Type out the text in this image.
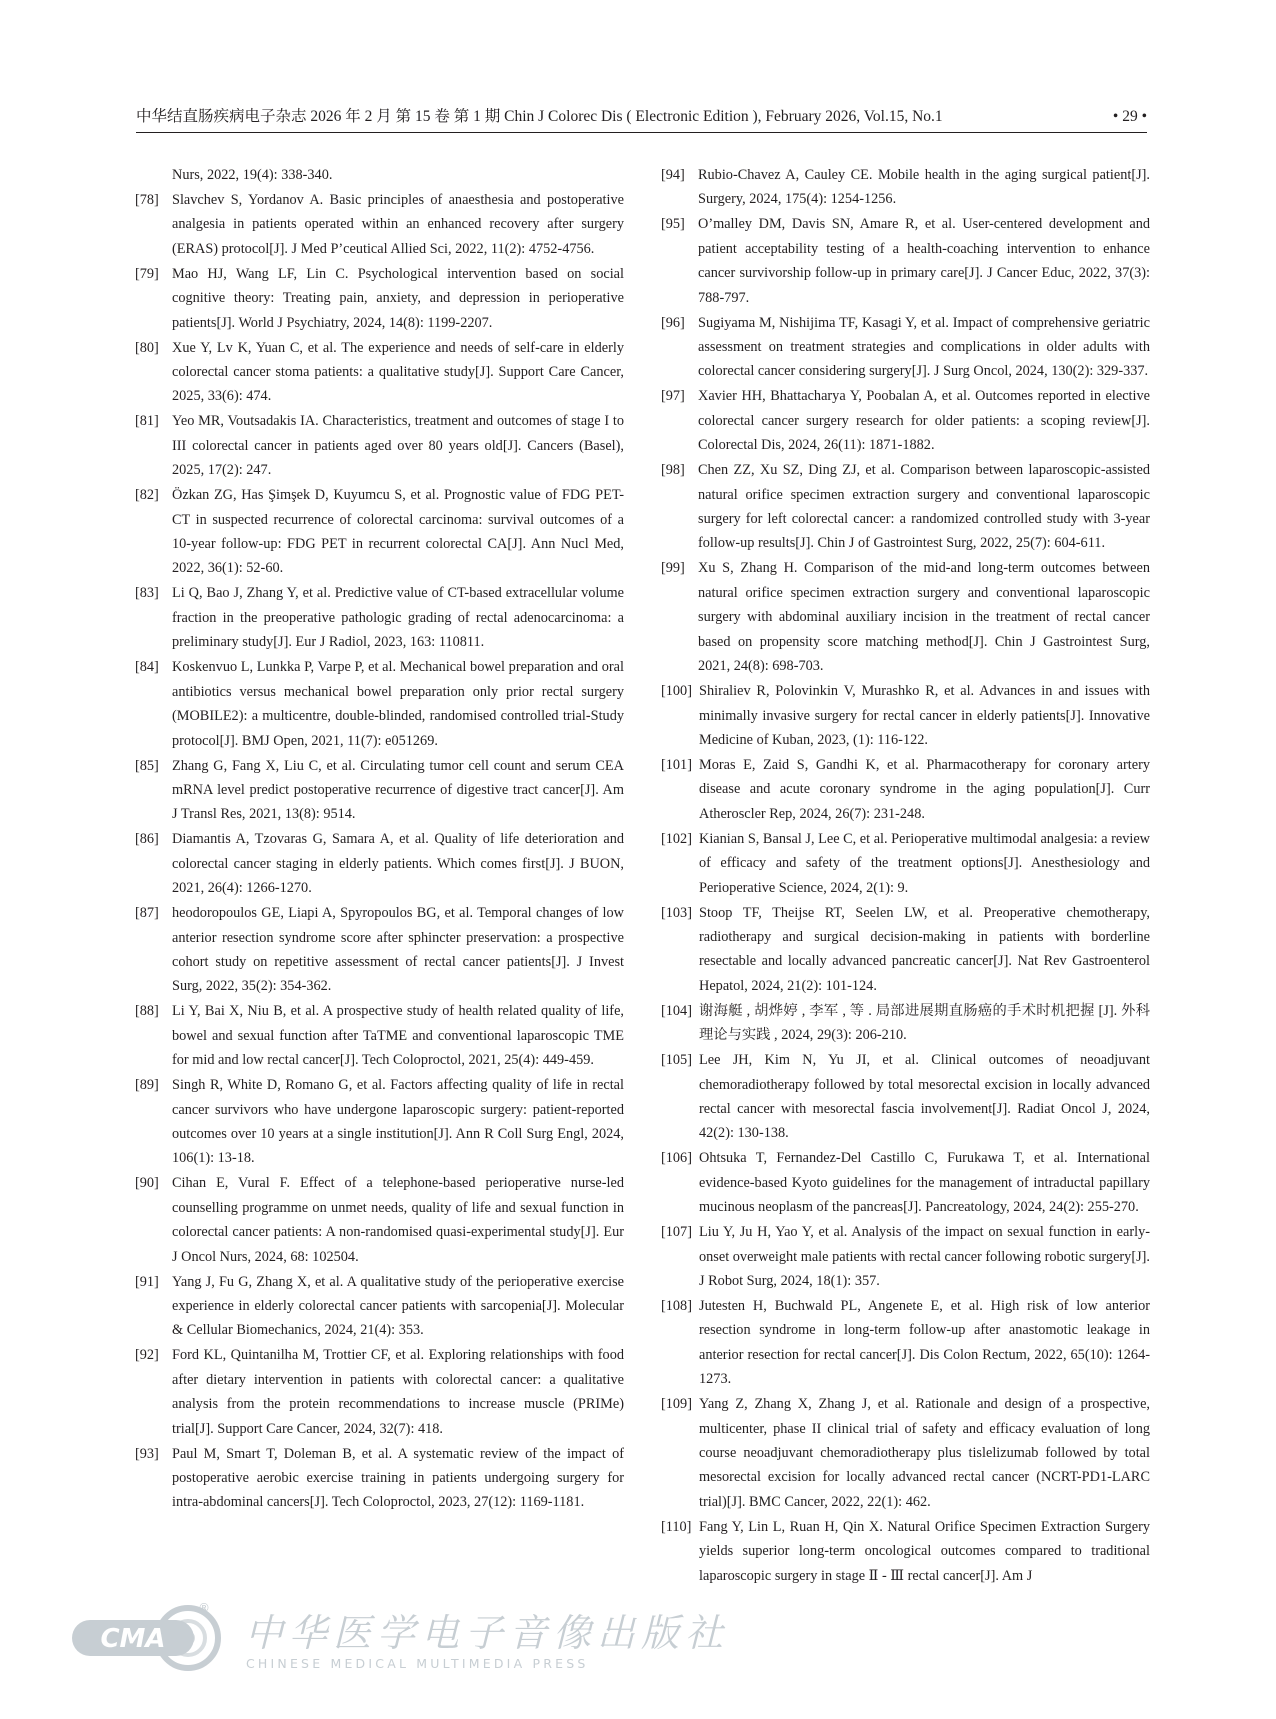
中华结直肠疾病电子杂志 2026 年 2 月 第 15 卷 第 1 期 Chin J Colorec Dis ( Electronic Edition ), February 2026, Vol.15, No.1	• 29 •
Nurs, 2022, 19(4): 338-340.
[78] Slavchev S, Yordanov A. Basic principles of anaesthesia and postoperative analgesia in patients operated within an enhanced recovery after surgery (ERAS) protocol[J]. J Med P’ceutical Allied Sci, 2022, 11(2): 4752-4756.
[79] Mao HJ, Wang LF, Lin C. Psychological intervention based on social cognitive theory: Treating pain, anxiety, and depression in perioperative patients[J]. World J Psychiatry, 2024, 14(8): 1199-2207.
[80] Xue Y, Lv K, Yuan C, et al. The experience and needs of self-care in elderly colorectal cancer stoma patients: a qualitative study[J]. Support Care Cancer, 2025, 33(6): 474.
[81] Yeo MR, Voutsadakis IA. Characteristics, treatment and outcomes of stage I to III colorectal cancer in patients aged over 80 years old[J]. Cancers (Basel), 2025, 17(2): 247.
[82] Özkan ZG, Has Şimşek D, Kuyumcu S, et al. Prognostic value of FDG PET-CT in suspected recurrence of colorectal carcinoma: survival outcomes of a 10-year follow-up: FDG PET in recurrent colorectal CA[J]. Ann Nucl Med, 2022, 36(1): 52-60.
[83] Li Q, Bao J, Zhang Y, et al. Predictive value of CT-based extracellular volume fraction in the preoperative pathologic grading of rectal adenocarcinoma: a preliminary study[J]. Eur J Radiol, 2023, 163: 110811.
[84] Koskenvuo L, Lunkka P, Varpe P, et al. Mechanical bowel preparation and oral antibiotics versus mechanical bowel preparation only prior rectal surgery (MOBILE2): a multicentre, double-blinded, randomised controlled trial-Study protocol[J]. BMJ Open, 2021, 11(7): e051269.
[85] Zhang G, Fang X, Liu C, et al. Circulating tumor cell count and serum CEA mRNA level predict postoperative recurrence of digestive tract cancer[J]. Am J Transl Res, 2021, 13(8): 9514.
[86] Diamantis A, Tzovaras G, Samara A, et al. Quality of life deterioration and colorectal cancer staging in elderly patients. Which comes first[J]. J BUON, 2021, 26(4): 1266-1270.
[87] heodoropoulos GE, Liapi A, Spyropoulos BG, et al. Temporal changes of low anterior resection syndrome score after sphincter preservation: a prospective cohort study on repetitive assessment of rectal cancer patients[J]. J Invest Surg, 2022, 35(2): 354-362.
[88] Li Y, Bai X, Niu B, et al. A prospective study of health related quality of life, bowel and sexual function after TaTME and conventional laparoscopic TME for mid and low rectal cancer[J]. Tech Coloproctol, 2021, 25(4): 449-459.
[89] Singh R, White D, Romano G, et al. Factors affecting quality of life in rectal cancer survivors who have undergone laparoscopic surgery: patient-reported outcomes over 10 years at a single institution[J]. Ann R Coll Surg Engl, 2024, 106(1): 13-18.
[90] Cihan E, Vural F. Effect of a telephone-based perioperative nurse-led counselling programme on unmet needs, quality of life and sexual function in colorectal cancer patients: A non-randomised quasi-experimental study[J]. Eur J Oncol Nurs, 2024, 68: 102504.
[91] Yang J, Fu G, Zhang X, et al. A qualitative study of the perioperative exercise experience in elderly colorectal cancer patients with sarcopenia[J]. Molecular & Cellular Biomechanics, 2024, 21(4): 353.
[92] Ford KL, Quintanilha M, Trottier CF, et al. Exploring relationships with food after dietary intervention in patients with colorectal cancer: a qualitative analysis from the protein recommendations to increase muscle (PRIMe) trial[J]. Support Care Cancer, 2024, 32(7): 418.
[93] Paul M, Smart T, Doleman B, et al. A systematic review of the impact of postoperative aerobic exercise training in patients undergoing surgery for intra-abdominal cancers[J]. Tech Coloproctol, 2023, 27(12): 1169-1181.
[94] Rubio-Chavez A, Cauley CE. Mobile health in the aging surgical patient[J]. Surgery, 2024, 175(4): 1254-1256.
[95] O’malley DM, Davis SN, Amare R, et al. User-centered development and patient acceptability testing of a health-coaching intervention to enhance cancer survivorship follow-up in primary care[J]. J Cancer Educ, 2022, 37(3): 788-797.
[96] Sugiyama M, Nishijima TF, Kasagi Y, et al. Impact of comprehensive geriatric assessment on treatment strategies and complications in older adults with colorectal cancer considering surgery[J]. J Surg Oncol, 2024, 130(2): 329-337.
[97] Xavier HH, Bhattacharya Y, Poobalan A, et al. Outcomes reported in elective colorectal cancer surgery research for older patients: a scoping review[J]. Colorectal Dis, 2024, 26(11): 1871-1882.
[98] Chen ZZ, Xu SZ, Ding ZJ, et al. Comparison between laparoscopic-assisted natural orifice specimen extraction surgery and conventional laparoscopic surgery for left colorectal cancer: a randomized controlled study with 3-year follow-up results[J]. Chin J of Gastrointest Surg, 2022, 25(7): 604-611.
[99] Xu S, Zhang H. Comparison of the mid-and long-term outcomes between natural orifice specimen extraction surgery and conventional laparoscopic surgery with abdominal auxiliary incision in the treatment of rectal cancer based on propensity score matching method[J]. Chin J Gastrointest Surg, 2021, 24(8): 698-703.
[100] Shiraliev R, Polovinkin V, Murashko R, et al. Advances in and issues with minimally invasive surgery for rectal cancer in elderly patients[J]. Innovative Medicine of Kuban, 2023, (1): 116-122.
[101] Moras E, Zaid S, Gandhi K, et al. Pharmacotherapy for coronary artery disease and acute coronary syndrome in the aging population[J]. Curr Atheroscler Rep, 2024, 26(7): 231-248.
[102] Kianian S, Bansal J, Lee C, et al. Perioperative multimodal analgesia: a review of efficacy and safety of the treatment options[J]. Anesthesiology and Perioperative Science, 2024, 2(1): 9.
[103] Stoop TF, Theijse RT, Seelen LW, et al. Preoperative chemotherapy, radiotherapy and surgical decision-making in patients with borderline resectable and locally advanced pancreatic cancer[J]. Nat Rev Gastroenterol Hepatol, 2024, 21(2): 101-124.
[104] 谢海艇 , 胡烨婷 , 李军 , 等 . 局部进展期直肠癌的手术时机把握 [J]. 外科理论与实践 , 2024, 29(3): 206-210.
[105] Lee JH, Kim N, Yu JI, et al. Clinical outcomes of neoadjuvant chemoradiotherapy followed by total mesorectal excision in locally advanced rectal cancer with mesorectal fascia involvement[J]. Radiat Oncol J, 2024, 42(2): 130-138.
[106] Ohtsuka T, Fernandez-Del Castillo C, Furukawa T, et al. International evidence-based Kyoto guidelines for the management of intraductal papillary mucinous neoplasm of the pancreas[J]. Pancreatology, 2024, 24(2): 255-270.
[107] Liu Y, Ju H, Yao Y, et al. Analysis of the impact on sexual function in early-onset overweight male patients with rectal cancer following robotic surgery[J]. J Robot Surg, 2024, 18(1): 357.
[108] Jutesten H, Buchwald PL, Angenete E, et al. High risk of low anterior resection syndrome in long-term follow-up after anastomotic leakage in anterior resection for rectal cancer[J]. Dis Colon Rectum, 2022, 65(10): 1264-1273.
[109] Yang Z, Zhang X, Zhang J, et al. Rationale and design of a prospective, multicenter, phase II clinical trial of safety and efficacy evaluation of long course neoadjuvant chemoradiotherapy plus tislelizumab followed by total mesorectal excision for locally advanced rectal cancer (NCRT-PD1-LARC trial)[J]. BMC Cancer, 2022, 22(1): 462.
[110] Fang Y, Lin L, Ruan H, Qin X. Natural Orifice Specimen Extraction Surgery yields superior long-term oncological outcomes compared to traditional laparoscopic surgery in stage Ⅱ - Ⅲ rectal cancer[J]. Am J
CMA
®
中华医学电子音像出版社
CHINESE MEDICAL MULTIMEDIA PRESS
